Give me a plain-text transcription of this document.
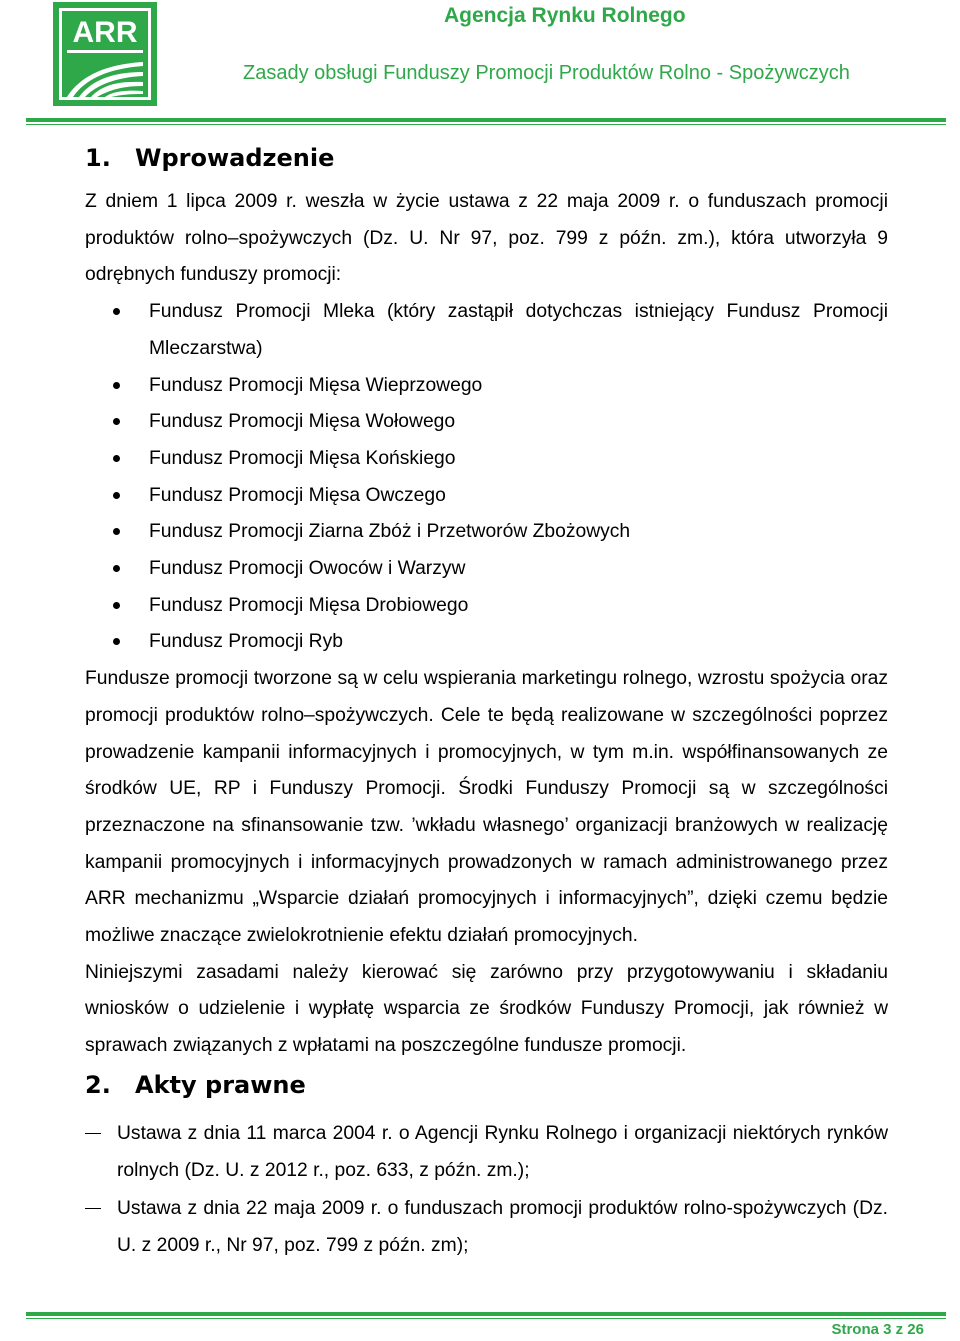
ARR
Agencja Rynku Rolnego
Zasady obsługi Funduszy Promocji Produktów Rolno - Spożywczych
1. Wprowadzenie

Z dniem 1 lipca 2009 r. weszła w życie ustawa z 22 maja 2009 r. o funduszach promocji produktów rolno–spożywczych (Dz. U. Nr 97, poz. 799 z późn. zm.), która utworzyła 9 odrębnych funduszy promocji:

Fundusz Promocji Mleka (który zastąpił dotychczas istniejący Fundusz Promocji Mleczarstwa)
Fundusz Promocji Mięsa Wieprzowego
Fundusz Promocji Mięsa Wołowego
Fundusz Promocji Mięsa Końskiego
Fundusz Promocji Mięsa Owczego
Fundusz Promocji Ziarna Zbóż i Przetworów Zbożowych
Fundusz Promocji Owoców i Warzyw
Fundusz Promocji Mięsa Drobiowego
Fundusz Promocji Ryb

Fundusze promocji tworzone są w celu wspierania marketingu rolnego, wzrostu spożycia oraz promocji produktów rolno–spożywczych. Cele te będą realizowane w szczególności poprzez prowadzenie kampanii informacyjnych i promocyjnych, w tym m.in. współfinansowanych ze środków UE, RP i Funduszy Promocji. Środki Funduszy Promocji są w szczególności przeznaczone na sfinansowanie tzw. ’wkładu własnego’ organizacji branżowych w realizację kampanii promocyjnych i informacyjnych prowadzonych w ramach administrowanego przez ARR mechanizmu „Wsparcie działań promocyjnych i informacyjnych”, dzięki czemu będzie możliwe znaczące zwielokrotnienie efektu działań promocyjnych.

Niniejszymi zasadami należy kierować się zarówno przy przygotowywaniu i składaniu wniosków o udzielenie i wypłatę wsparcia ze środków Funduszy Promocji, jak również w sprawach związanych z wpłatami na poszczególne fundusze promocji.

2. Akty prawne
Ustawa z dnia 11 marca 2004 r. o Agencji Rynku Rolnego i organizacji niektórych rynków rolnych (Dz. U. z 2012 r., poz. 633, z późn. zm.);
Ustawa z dnia 22 maja 2009 r. o funduszach promocji produktów rolno-spożywczych (Dz. U. z 2009 r., Nr 97, poz. 799 z późn. zm);
Strona 3 z 26
